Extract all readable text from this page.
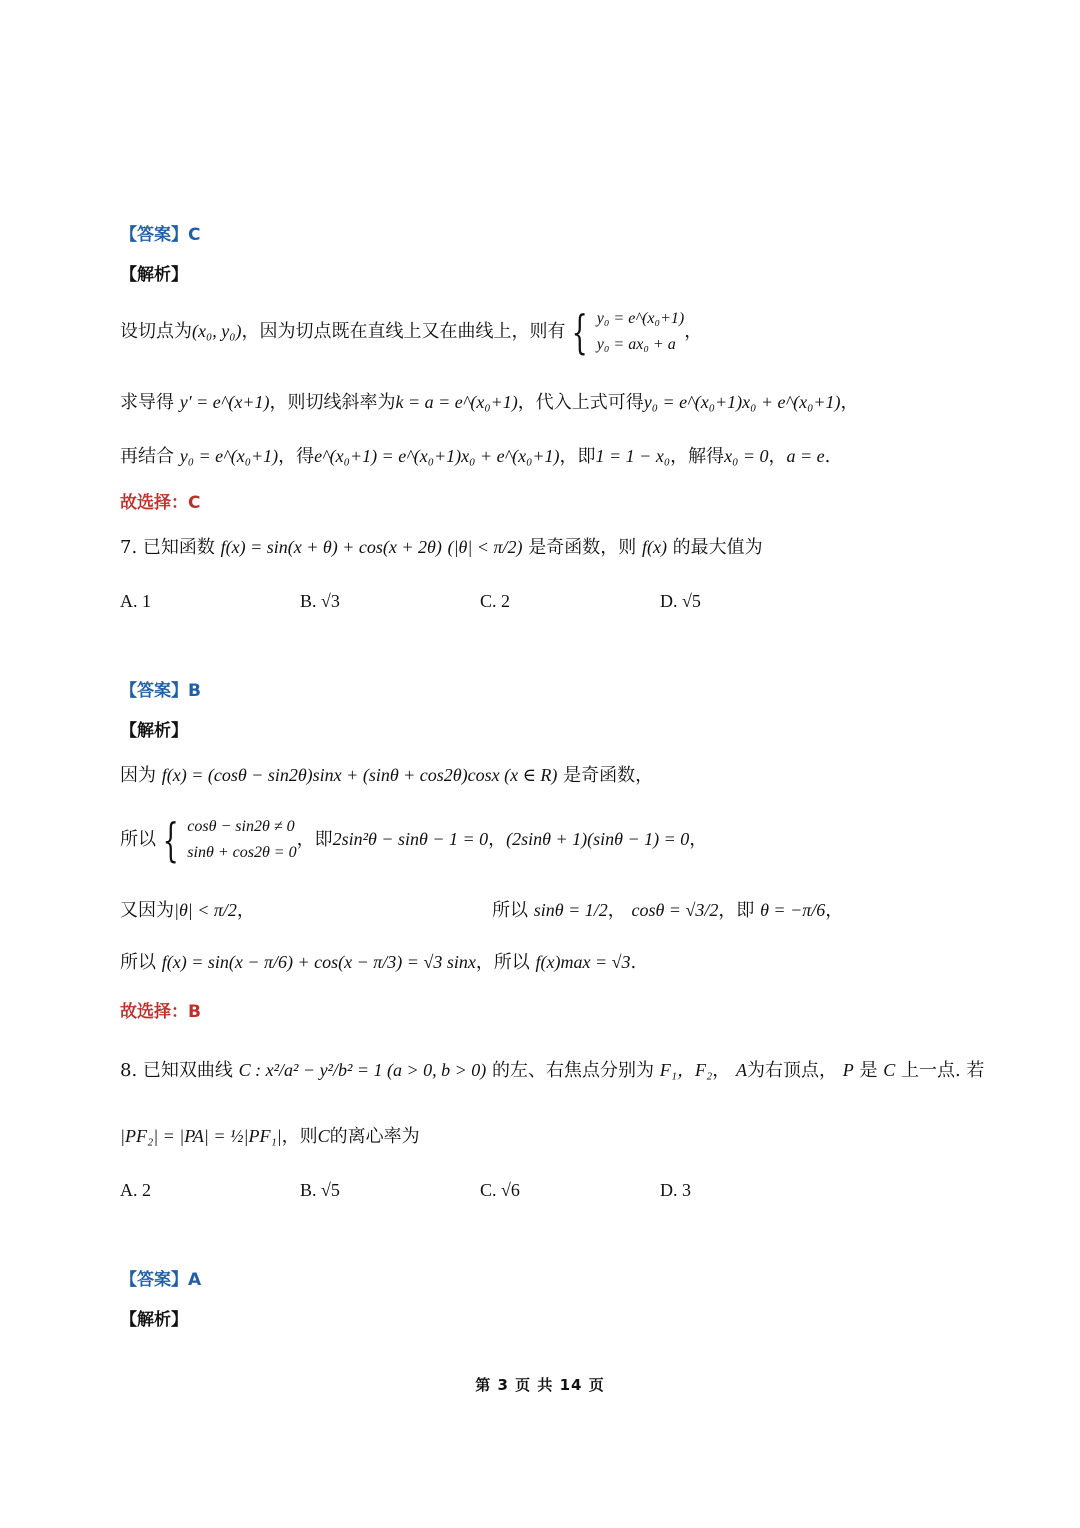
【答案】C
【解析】
设切点为(x₀, y₀)，因为切点既在直线上又在曲线上，则有 { y₀ = e^(x₀+1)
y₀ = ax₀ + a
，
求导得 y′ = e^(x+1)，则切线斜率为k = a = e^(x₀+1)，代入上式可得y₀ = e^(x₀+1)x₀ + e^(x₀+1)，
再结合 y₀ = e^(x₀+1)，得e^(x₀+1) = e^(x₀+1)x₀ + e^(x₀+1)，即1 = 1 − x₀，解得x₀ = 0，a = e.
故选择：C
7. 已知函数 f(x) = sin(x + θ) + cos(x + 2θ) (|θ| < π/2) 是奇函数，则 f(x) 的最大值为
A. 1	B. √3	C. 2	D. √5
【答案】B
【解析】
因为 f(x) = (cosθ − sin2θ)sinx + (sinθ + cos2θ)cosx (x ∈ R) 是奇函数，
所以 { cosθ − sin2θ ≠ 0
sinθ + cos2θ = 0
，即2sin²θ − sinθ − 1 = 0，(2sinθ + 1)(sinθ − 1) = 0，
又因为|θ| < π/2，	所以 sinθ = 1/2， cosθ = √3/2，即 θ = −π/6，
所以 f(x) = sin(x − π/6) + cos(x − π/3) = √3 sinx，所以 f(x)max = √3.
故选择：B
8. 已知双曲线 C : x²/a² − y²/b² = 1 (a > 0, b > 0) 的左、右焦点分别为 F₁，F₂， A为右顶点， P 是 C 上一点. 若
|PF₂| = |PA| = ½|PF₁|，则C的离心率为
A. 2	B. √5	C. √6	D. 3
【答案】A
【解析】
第 3 页 共 14 页
